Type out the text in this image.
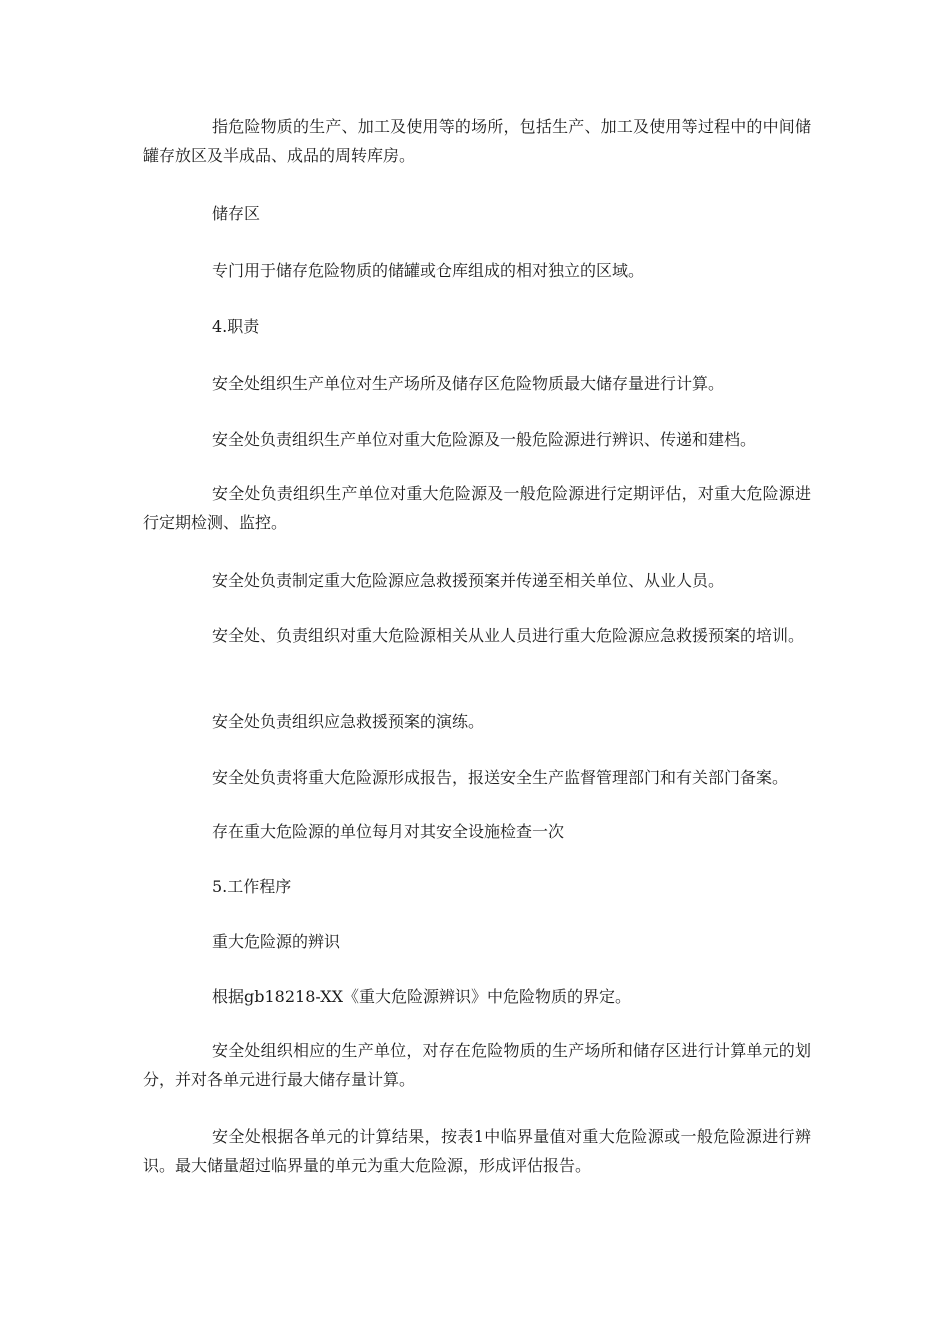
指危险物质的生产、加工及使用等的场所，包括生产、加工及使用等过程中的中间储罐存放区及半成品、成品的周转库房。

储存区

专门用于储存危险物质的储罐或仓库组成的相对独立的区域。

4.职责

安全处组织生产单位对生产场所及储存区危险物质最大储存量进行计算。

安全处负责组织生产单位对重大危险源及一般危险源进行辨识、传递和建档。

安全处负责组织生产单位对重大危险源及一般危险源进行定期评估，对重大危险源进行定期检测、监控。

安全处负责制定重大危险源应急救援预案并传递至相关单位、从业人员。

安全处、负责组织对重大危险源相关从业人员进行重大危险源应急救援预案的培训。

安全处负责组织应急救援预案的演练。

安全处负责将重大危险源形成报告，报送安全生产监督管理部门和有关部门备案。

存在重大危险源的单位每月对其安全设施检查一次

5.工作程序

重大危险源的辨识

根据gb18218-XX《重大危险源辨识》中危险物质的界定。

安全处组织相应的生产单位，对存在危险物质的生产场所和储存区进行计算单元的划分，并对各单元进行最大储存量计算。

安全处根据各单元的计算结果，按表1中临界量值对重大危险源或一般危险源进行辨识。最大储量超过临界量的单元为重大危险源，形成评估报告。
